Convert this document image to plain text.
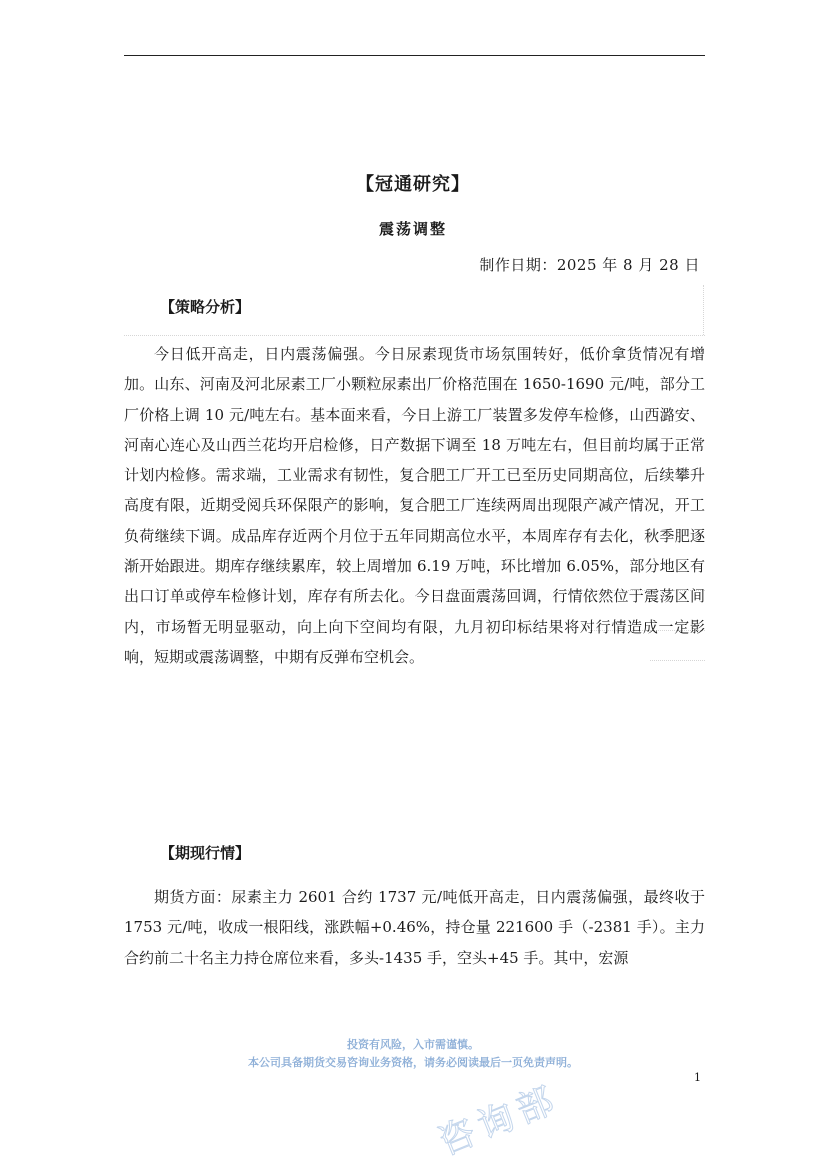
【冠通研究】
震荡调整
制作日期：2025 年 8 月 28 日
【策略分析】
今日低开高走，日内震荡偏强。今日尿素现货市场氛围转好，低价拿货情况有增加。山东、河南及河北尿素工厂小颗粒尿素出厂价格范围在 1650-1690 元/吨，部分工厂价格上调 10 元/吨左右。基本面来看，今日上游工厂装置多发停车检修，山西潞安、河南心连心及山西兰花均开启检修，日产数据下调至 18 万吨左右，但目前均属于正常计划内检修。需求端，工业需求有韧性，复合肥工厂开工已至历史同期高位，后续攀升高度有限，近期受阅兵环保限产的影响，复合肥工厂连续两周出现限产减产情况，开工负荷继续下调。成品库存近两个月位于五年同期高位水平，本周库存有去化，秋季肥逐渐开始跟进。期库存继续累库，较上周增加 6.19 万吨，环比增加 6.05%，部分地区有出口订单或停车检修计划，库存有所去化。今日盘面震荡回调，行情依然位于震荡区间内，市场暂无明显驱动，向上向下空间均有限，九月初印标结果将对行情造成一定影响，短期或震荡调整，中期有反弹布空机会。
【期现行情】
期货方面：尿素主力 2601 合约 1737 元/吨低开高走，日内震荡偏强，最终收于 1753 元/吨，收成一根阳线，涨跌幅+0.46%，持仓量 221600 手（-2381 手）。主力合约前二十名主力持仓席位来看，多头-1435 手，空头+45 手。其中，宏源
投资有风险，入市需谨慎。
本公司具备期货交易咨询业务资格，请务必阅读最后一页免责声明。
1
咨询部
